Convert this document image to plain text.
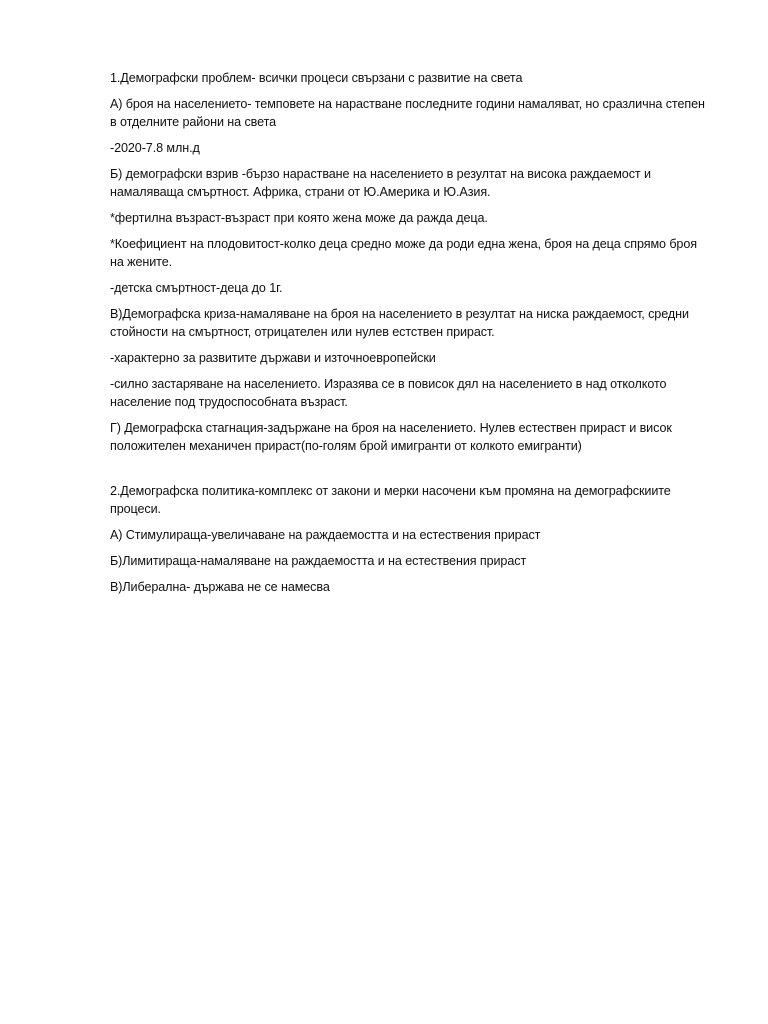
1.Демографски проблем- всички процеси свързани с развитие на света

А) броя на населението- темповете на нарастване последните години намаляват, но сразлична степен в отделните райони на света

-2020-7.8 млн.д

Б) демографски взрив -бързо нарастване на населението в резултат на висока раждаемост и намаляваща смъртност. Африка, страни от Ю.Америка и Ю.Азия.

*фертилна възраст-възраст при която жена може да ражда деца.

*Коефициент на плодовитост-колко деца средно може да роди една жена, броя на деца спрямо броя на жените.

-детска смъртност-деца до 1г.

В)Демографска криза-намаляване на броя на населението в резултат на ниска раждаемост, средни стойности на смъртност, отрицателен или нулев естствен прираст.

-характерно за развитите държави и източноевропейски

-силно застаряване на населението. Изразява се в повисок дял на населението в над отколкото население под трудоспособната възраст.

Г) Демографска стагнация-задържане на броя на населението. Нулев естествен прираст и висок положителен механичен прираст(по-голям брой имигранти от колкото емигранти)

2.Демографска политика-комплекс от закони и мерки насочени към промяна на демографскиите процеси.

А) Стимулираща-увеличаване на раждаемостта и на естествения прираст

Б)Лимитираща-намаляване на раждаемостта и на естествения прираст

В)Либерална- държава не се намесва
